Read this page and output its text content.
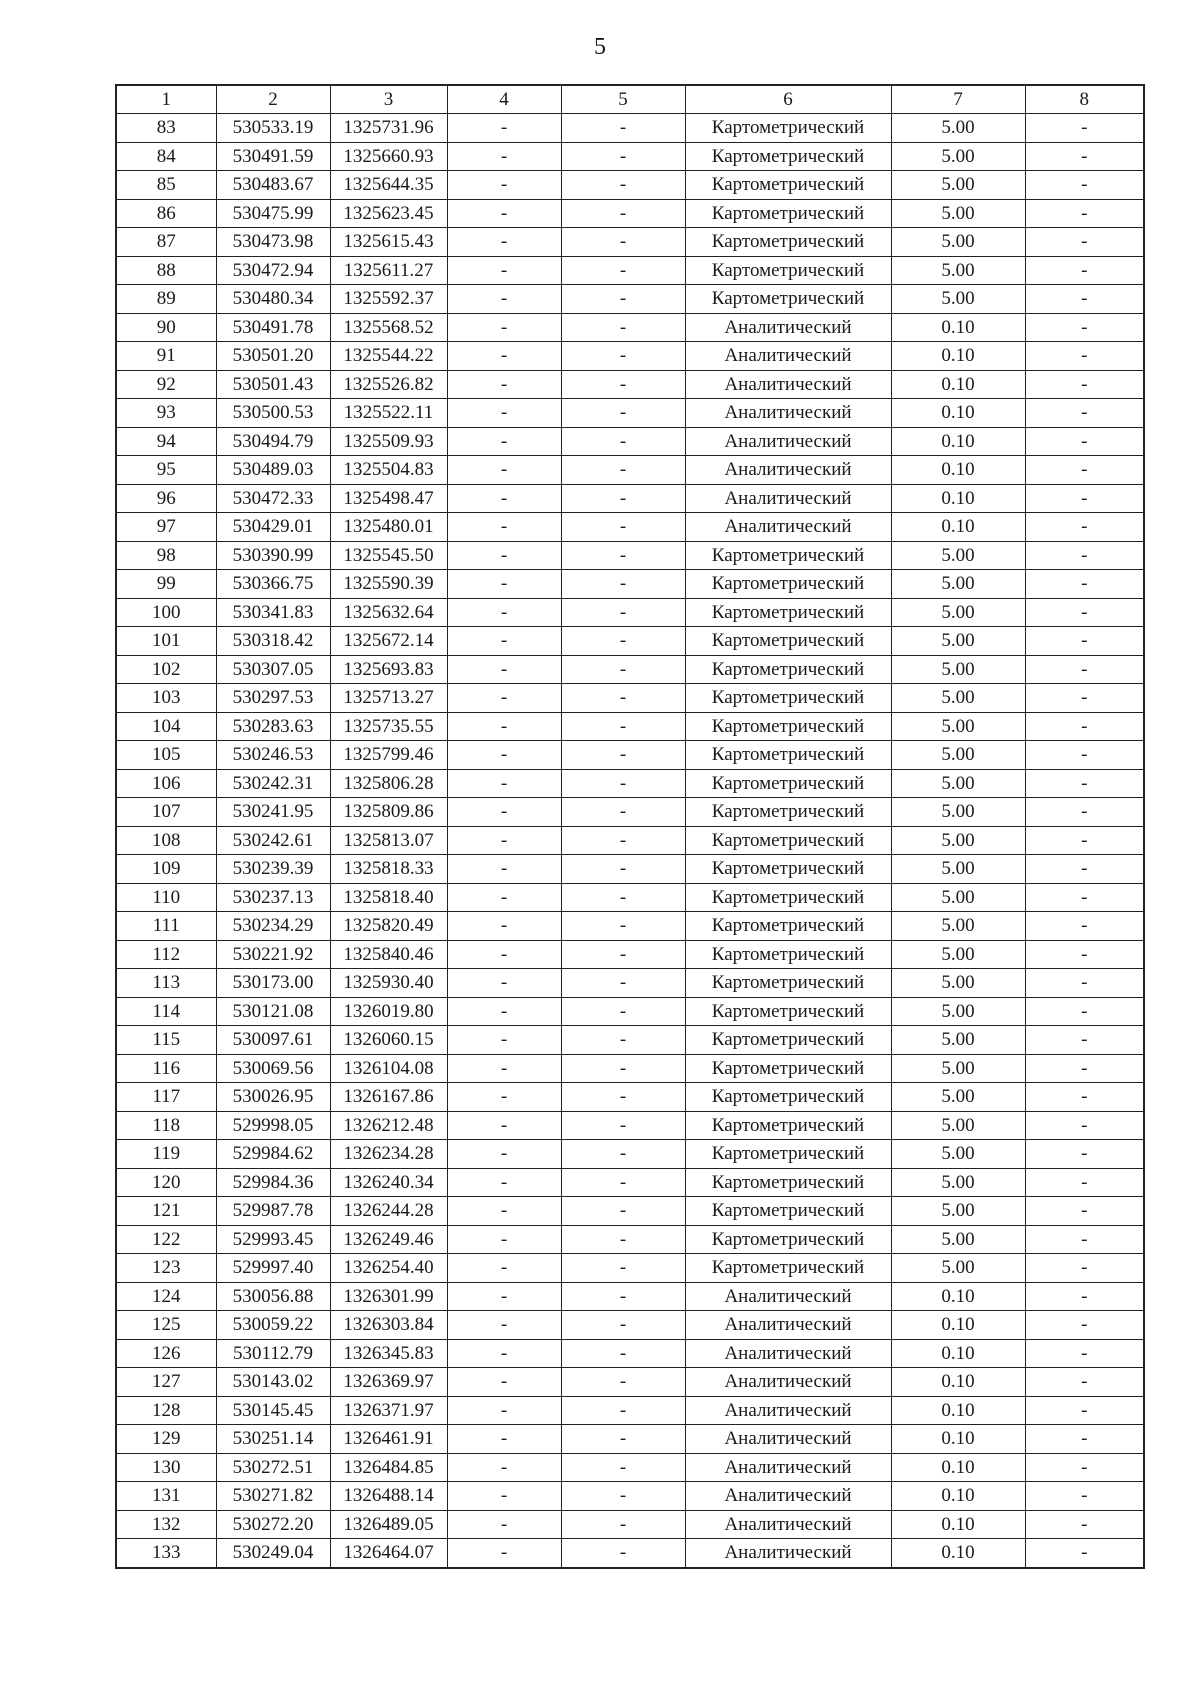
5
1	2	3	4	5	6	7	8
83	530533.19	1325731.96	-	-	Картометрический	5.00	-
84	530491.59	1325660.93	-	-	Картометрический	5.00	-
85	530483.67	1325644.35	-	-	Картометрический	5.00	-
86	530475.99	1325623.45	-	-	Картометрический	5.00	-
87	530473.98	1325615.43	-	-	Картометрический	5.00	-
88	530472.94	1325611.27	-	-	Картометрический	5.00	-
89	530480.34	1325592.37	-	-	Картометрический	5.00	-
90	530491.78	1325568.52	-	-	Аналитический	0.10	-
91	530501.20	1325544.22	-	-	Аналитический	0.10	-
92	530501.43	1325526.82	-	-	Аналитический	0.10	-
93	530500.53	1325522.11	-	-	Аналитический	0.10	-
94	530494.79	1325509.93	-	-	Аналитический	0.10	-
95	530489.03	1325504.83	-	-	Аналитический	0.10	-
96	530472.33	1325498.47	-	-	Аналитический	0.10	-
97	530429.01	1325480.01	-	-	Аналитический	0.10	-
98	530390.99	1325545.50	-	-	Картометрический	5.00	-
99	530366.75	1325590.39	-	-	Картометрический	5.00	-
100	530341.83	1325632.64	-	-	Картометрический	5.00	-
101	530318.42	1325672.14	-	-	Картометрический	5.00	-
102	530307.05	1325693.83	-	-	Картометрический	5.00	-
103	530297.53	1325713.27	-	-	Картометрический	5.00	-
104	530283.63	1325735.55	-	-	Картометрический	5.00	-
105	530246.53	1325799.46	-	-	Картометрический	5.00	-
106	530242.31	1325806.28	-	-	Картометрический	5.00	-
107	530241.95	1325809.86	-	-	Картометрический	5.00	-
108	530242.61	1325813.07	-	-	Картометрический	5.00	-
109	530239.39	1325818.33	-	-	Картометрический	5.00	-
110	530237.13	1325818.40	-	-	Картометрический	5.00	-
111	530234.29	1325820.49	-	-	Картометрический	5.00	-
112	530221.92	1325840.46	-	-	Картометрический	5.00	-
113	530173.00	1325930.40	-	-	Картометрический	5.00	-
114	530121.08	1326019.80	-	-	Картометрический	5.00	-
115	530097.61	1326060.15	-	-	Картометрический	5.00	-
116	530069.56	1326104.08	-	-	Картометрический	5.00	-
117	530026.95	1326167.86	-	-	Картометрический	5.00	-
118	529998.05	1326212.48	-	-	Картометрический	5.00	-
119	529984.62	1326234.28	-	-	Картометрический	5.00	-
120	529984.36	1326240.34	-	-	Картометрический	5.00	-
121	529987.78	1326244.28	-	-	Картометрический	5.00	-
122	529993.45	1326249.46	-	-	Картометрический	5.00	-
123	529997.40	1326254.40	-	-	Картометрический	5.00	-
124	530056.88	1326301.99	-	-	Аналитический	0.10	-
125	530059.22	1326303.84	-	-	Аналитический	0.10	-
126	530112.79	1326345.83	-	-	Аналитический	0.10	-
127	530143.02	1326369.97	-	-	Аналитический	0.10	-
128	530145.45	1326371.97	-	-	Аналитический	0.10	-
129	530251.14	1326461.91	-	-	Аналитический	0.10	-
130	530272.51	1326484.85	-	-	Аналитический	0.10	-
131	530271.82	1326488.14	-	-	Аналитический	0.10	-
132	530272.20	1326489.05	-	-	Аналитический	0.10	-
133	530249.04	1326464.07	-	-	Аналитический	0.10	-
